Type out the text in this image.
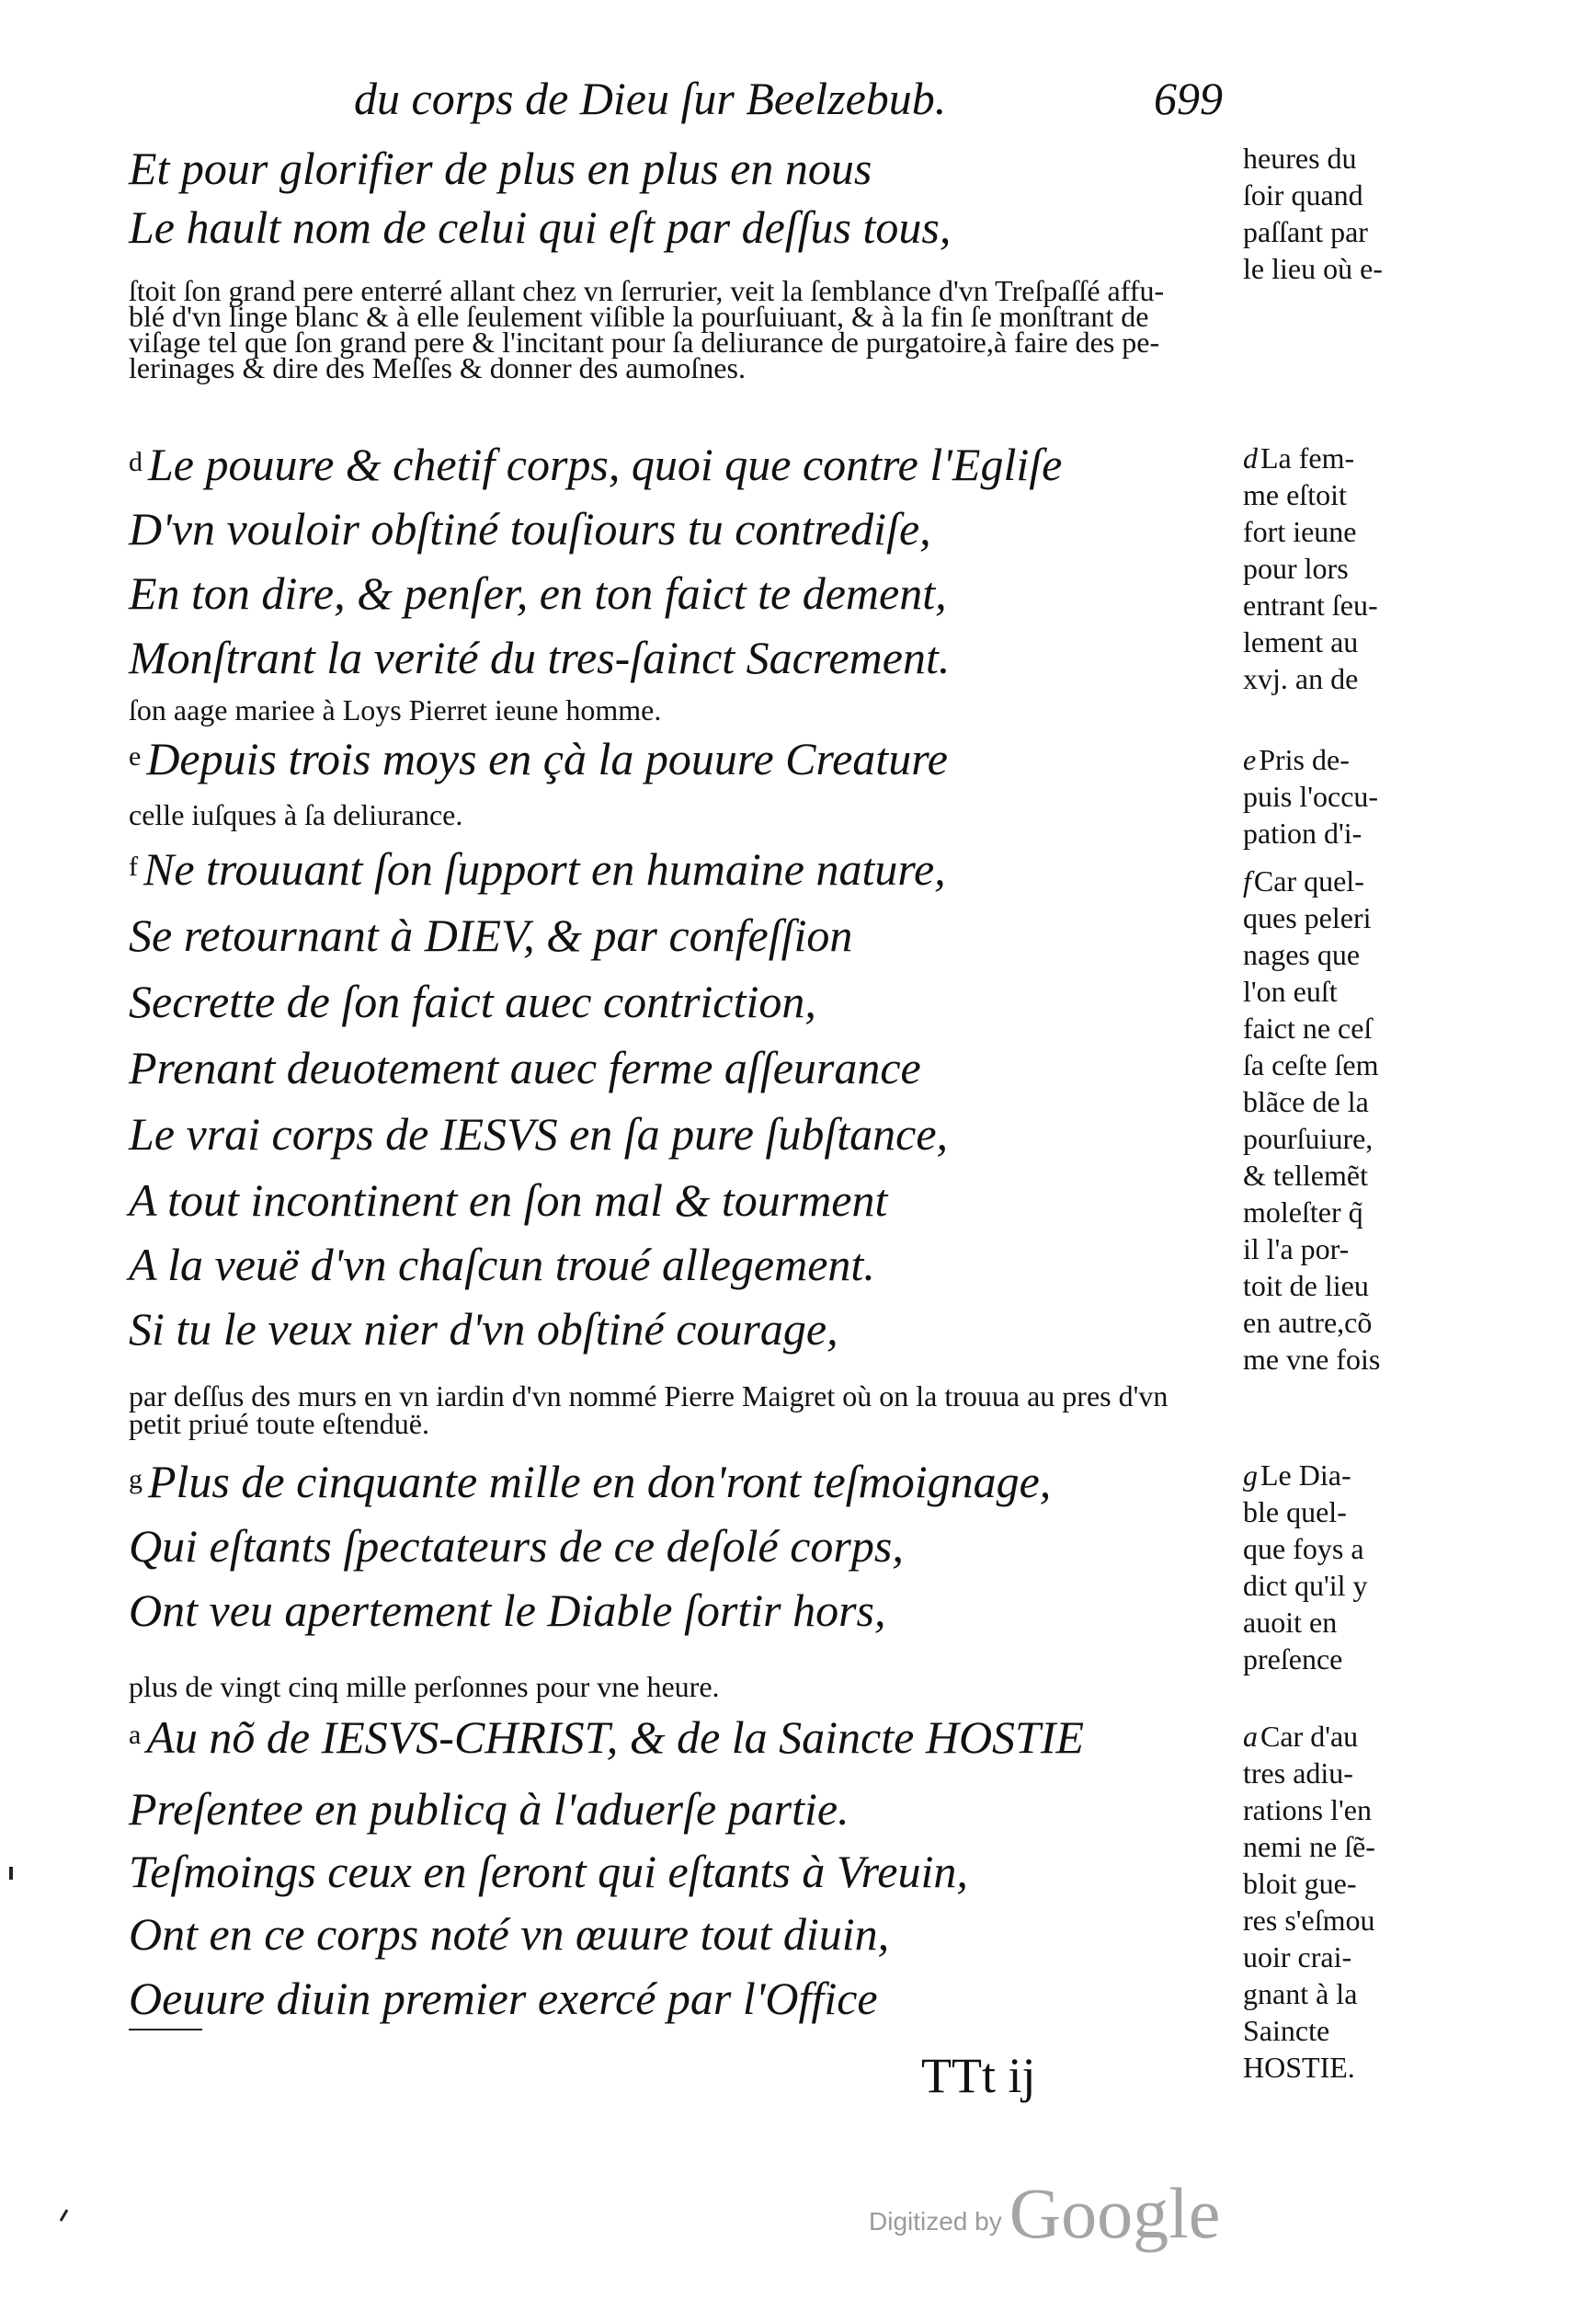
du corps de Dieu ſur Beelzebub.	699
Et pour glorifier de plus en plus en nous
Le hault nom de celui qui eſt par deſſus tous,
ſtoit ſon grand pere enterré allant chez vn ſerrurier, veit la ſemblance d'vn Treſpaſſé affu-
blé d'vn linge blanc & à elle ſeulement viſible la pourſuiuant, & à la fin ſe monſtrant de
viſage tel que ſon grand pere & l'incitant pour ſa deliurance de purgatoire,à faire des pe-
lerinages & dire des Meſſes & donner des aumoſnes.
$^d$ Le pouure & chetif corps, quoi que contre l'Egliſe
D'vn vouloir obſtiné touſiours tu contrediſe,
En ton dire, & penſer, en ton faict te dement,
Monſtrant la verité du tres-ſainct Sacrement.
ſon aage mariee à Loys Pierret ieune homme.
$^e$ Depuis trois moys en çà la pouure Creature
celle iuſques à ſa deliurance.
$^f$ Ne trouuant ſon ſupport en humaine nature,
Se retournant à DIEV, & par confeſſion
Secrette de ſon faict auec contriction,
Prenant deuotement auec ferme aſſeurance
Le vrai corps de IESVS en ſa pure ſubſtance,
A tout incontinent en ſon mal & tourment
A la veuë d'vn chaſcun troué allegement.
Si tu le veux nier d'vn obſtiné courage,
par deſſus des murs en vn iardin d'vn nommé Pierre Maigret où on la trouua au pres d'vn
petit priué toute eſtenduë.
$^g$ Plus de cinquante mille en don'ront teſmoignage,
Qui eſtants ſpectateurs de ce deſolé corps,
Ont veu apertement le Diable ſortir hors,
plus de vingt cinq mille perſonnes pour vne heure.
$^a$ Au nõ de IESVS-CHRIST, & de la Saincte HOSTIE
Preſentee en publicq à l'aduerſe partie.
Teſmoings ceux en ſeront qui eſtants à Vreuin,
Ont en ce corps noté vn œuure tout diuin,
Oeuure diuin premier exercé par l'Office
heures du
ſoir quand
paſſant par
le lieu où e-
dLa fem-
me eſtoit
fort ieune
pour lors
entrant ſeu-
lement au
xvj. an de
ePris de-
puis l'occu-
pation d'i-
fCar quel-
ques peleri
nages que
l'on euſt
faict ne ceſ
ſa ceſte ſem
blãce de la
pourſuiure,
& tellemẽt
moleſter q̃
il l'a por-
toit de lieu
en autre,cõ
me vne fois
gLe Dia-
ble quel-
que foys a
dict qu'il y
auoit en
preſence
aCar d'au
tres adiu-
rations l'en
nemi ne ſẽ-
bloit gue-
res s'eſmou
uoir crai-
gnant à la
Saincte
HOSTIE.
TTt ij
Digitized by Google
